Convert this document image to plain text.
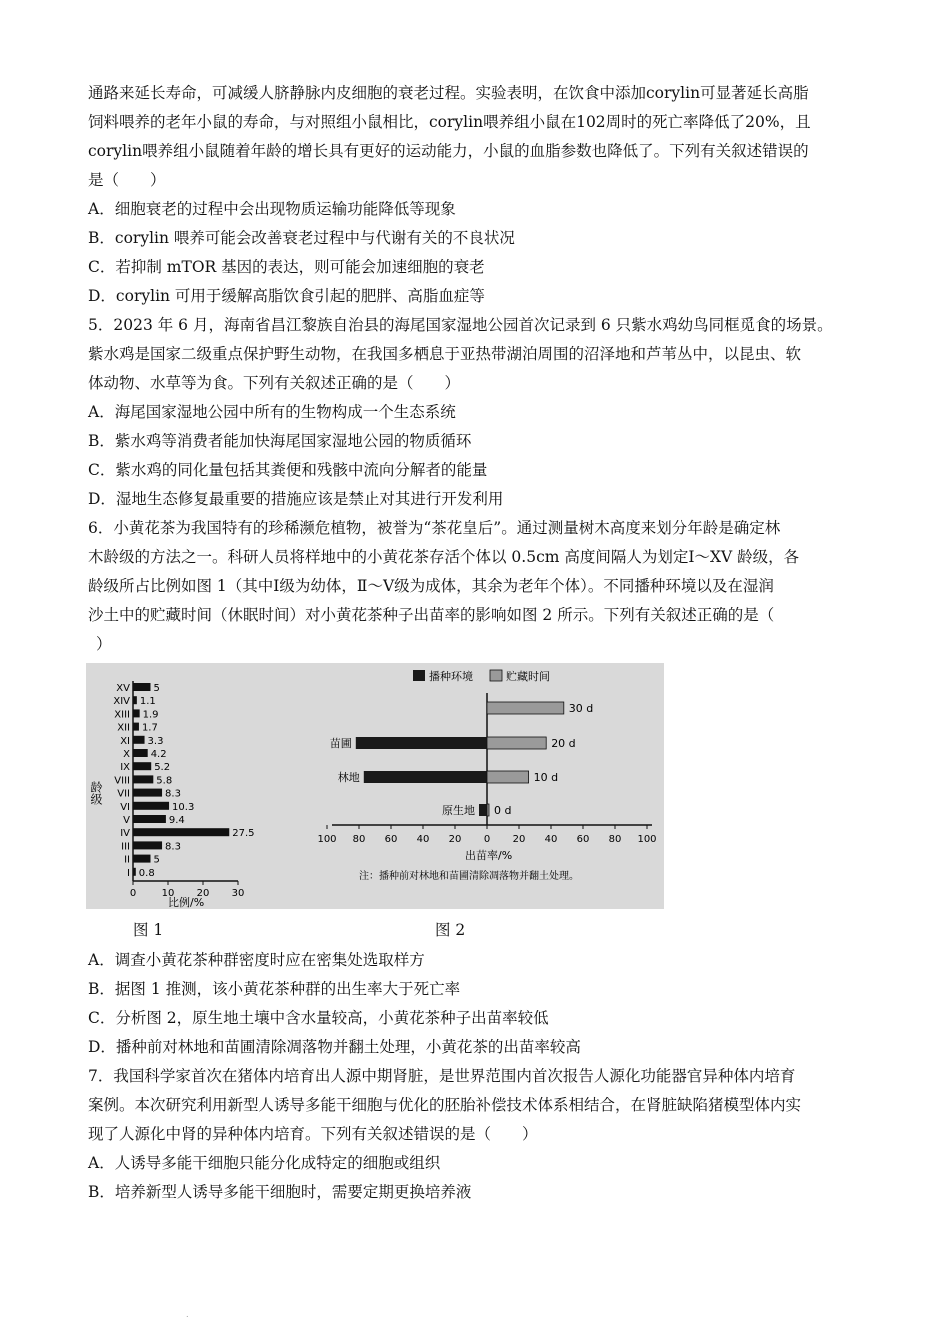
通路来延长寿命，可减缓人脐静脉内皮细胞的衰老过程。实验表明，在饮食中添加corylin可显著延长高脂
饲料喂养的老年小鼠的寿命，与对照组小鼠相比，corylin喂养组小鼠在102周时的死亡率降低了20%，且
corylin喂养组小鼠随着年龄的增长具有更好的运动能力，小鼠的血脂参数也降低了。下列有关叙述错误的
是（　　）
A．细胞衰老的过程中会出现物质运输功能降低等现象
B．corylin 喂养可能会改善衰老过程中与代谢有关的不良状况
C．若抑制 mTOR 基因的表达，则可能会加速细胞的衰老
D．corylin 可用于缓解高脂饮食引起的肥胖、高脂血症等
5．2023 年 6 月，海南省昌江黎族自治县的海尾国家湿地公园首次记录到 6 只紫水鸡幼鸟同框觅食的场景。
紫水鸡是国家二级重点保护野生动物，在我国多栖息于亚热带湖泊周围的沼泽地和芦苇丛中，以昆虫、软
体动物、水草等为食。下列有关叙述正确的是（　　）
A．海尾国家湿地公园中所有的生物构成一个生态系统
B．紫水鸡等消费者能加快海尾国家湿地公园的物质循环
C．紫水鸡的同化量包括其粪便和残骸中流向分解者的能量
D．湿地生态修复最重要的措施应该是禁止对其进行开发利用
6．小黄花茶为我国特有的珍稀濒危植物，被誉为“茶花皇后”。通过测量树木高度来划分年龄是确定林
木龄级的方法之一。科研人员将样地中的小黄花茶存活个体以 0.5cm 高度间隔人为划定Ⅰ～XV 龄级，各
龄级所占比例如图 1（其中Ⅰ级为幼体，Ⅱ～Ⅴ级为成体，其余为老年个体）。不同播种环境以及在湿润
沙土中的贮藏时间（休眠时间）对小黄花茶种子出苗率的影响如图 2 所示。下列有关叙述正确的是（
）
龄级
比例/%
XV 5
XIV 1.1
XIII 1.9
XII 1.7
XI 3.3
X 4.2
IX 5.2
VIII	5.8
VII	8.3
VI	10.3
V	9.4
IV	27.5
III	8.3
II 5
I 0.8
0	10 20 30
播种环境	贮藏时间
出苗率/%
注：播种前对林地和苗圃清除凋落物并翻土处理。
30 d
苗圃	20 d
林地	10 d
原生地 0 d
100 80 60 40 20 0 20 40 60 80 100
图 1	图 2
A．调查小黄花茶种群密度时应在密集处选取样方
B．据图 1 推测，该小黄花茶种群的出生率大于死亡率
C．分析图 2，原生地土壤中含水量较高，小黄花茶种子出苗率较低
D．播种前对林地和苗圃清除凋落物并翻土处理，小黄花茶的出苗率较高
7．我国科学家首次在猪体内培育出人源中期肾脏，是世界范围内首次报告人源化功能器官异种体内培育
案例。本次研究利用新型人诱导多能干细胞与优化的胚胎补偿技术体系相结合，在肾脏缺陷猪模型体内实
现了人源化中肾的异种体内培育。下列有关叙述错误的是（　　）
A．人诱导多能干细胞只能分化成特定的细胞或组织
B．培养新型人诱导多能干细胞时，需要定期更换培养液
.
